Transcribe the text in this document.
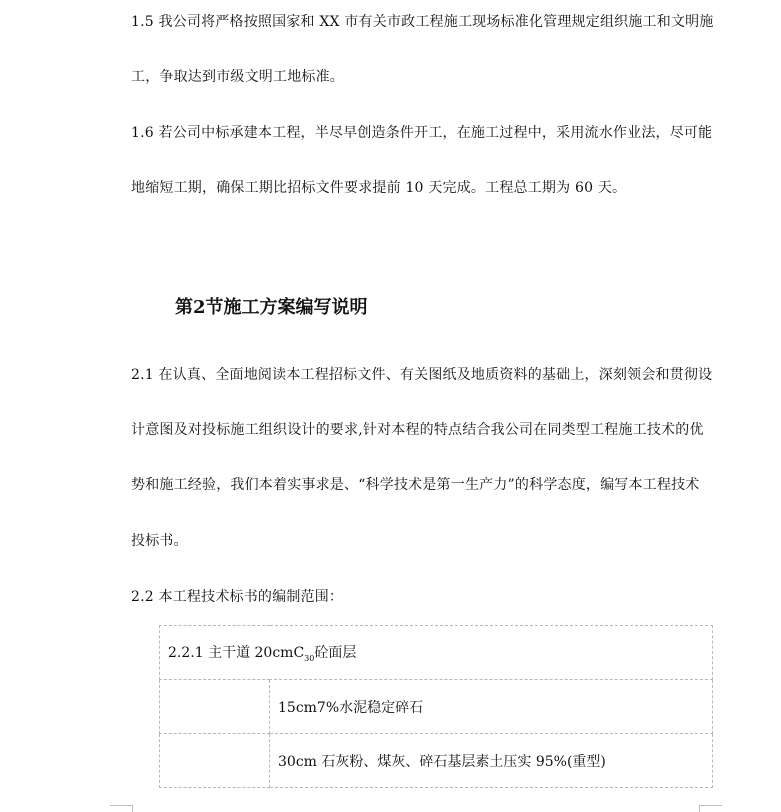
1.5 我公司将严格按照国家和 XX 市有关市政工程施工现场标准化管理规定组织施工和文明施
工，争取达到市级文明工地标准。
1.6 若公司中标承建本工程，半尽早创造条件开工，在施工过程中，采用流水作业法，尽可能
地缩短工期，确保工期比招标文件要求提前 10 天完成。工程总工期为 60 天。
第2节施工方案编写说明
2.1 在认真、全面地阅读本工程招标文件、有关图纸及地质资料的基础上，深刻领会和贯彻设
计意图及对投标施工组织设计的要求,针对本程的特点结合我公司在同类型工程施工技术的优
势和施工经验，我们本着实事求是、“科学技术是第一生产力”的科学态度，编写本工程技术
投标书。
2.2 本工程技术标书的编制范围：
2.2.1 主干道 20cmC$_{30}$砼面层	
	15cm7%水泥稳定碎石
	30cm 石灰粉、煤灰、碎石基层素土压实 95%(重型)
